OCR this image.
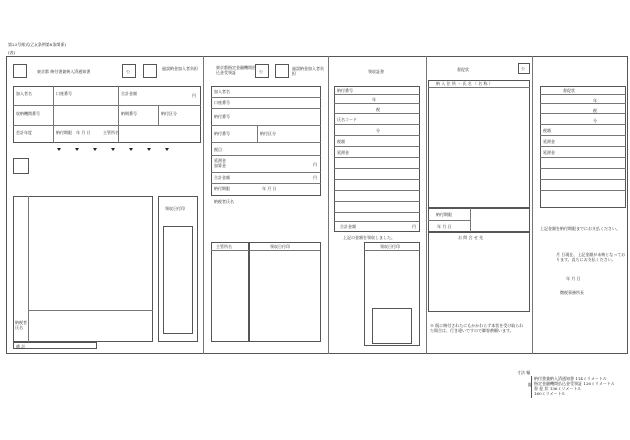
第23号様式(乙)(条例第8条関係)
(表)
東京都 納付書兼納入済通知書	公
過誤納金加入者負担
加入者名	口座番号	合計金額	円
収納機関番号	納期番号	納付区分
会計年度	納付期限 年 月 日	主管所名
納税者氏名
備 計
領収日付印
東京都指定金融機関払込金受領証	公
過誤納金加入者負担
加入者名
口座番号
納付番号
納付番号	納付区分
税目
延滞金加算金	円
合計金額	円
納付期限	年 月 日
納税者氏名
主管所名	領収日付印
領収証書
納付番号
年
税
氏名コード
分
税額
延滞金
合計金額	円
上記の金額を領収しました。
領収日付印
督促状	公
納 入 住 所 ・ 氏 名 （ 名 称 ）
納付期限
年 月 日
お 問 合 せ 先
※ 既に納付されたにもかかわらず本状を受け取られた場合は、行き違いですので御容赦願います。
督促状
年
税
分
税額
延滞金
延滞金
上記金額を納付期限までにお支払ください。
月 日現在、上記金額が未納となっております。直ちにお支払ください。
年 月 日
徴税事務所長
寸法 幅
縦
納付書兼納入済通知書 114ミリメートル
指定金融機関払込金受領証 126ミリメートル
督 促 状 136ミリメートル
160ミリメートル
